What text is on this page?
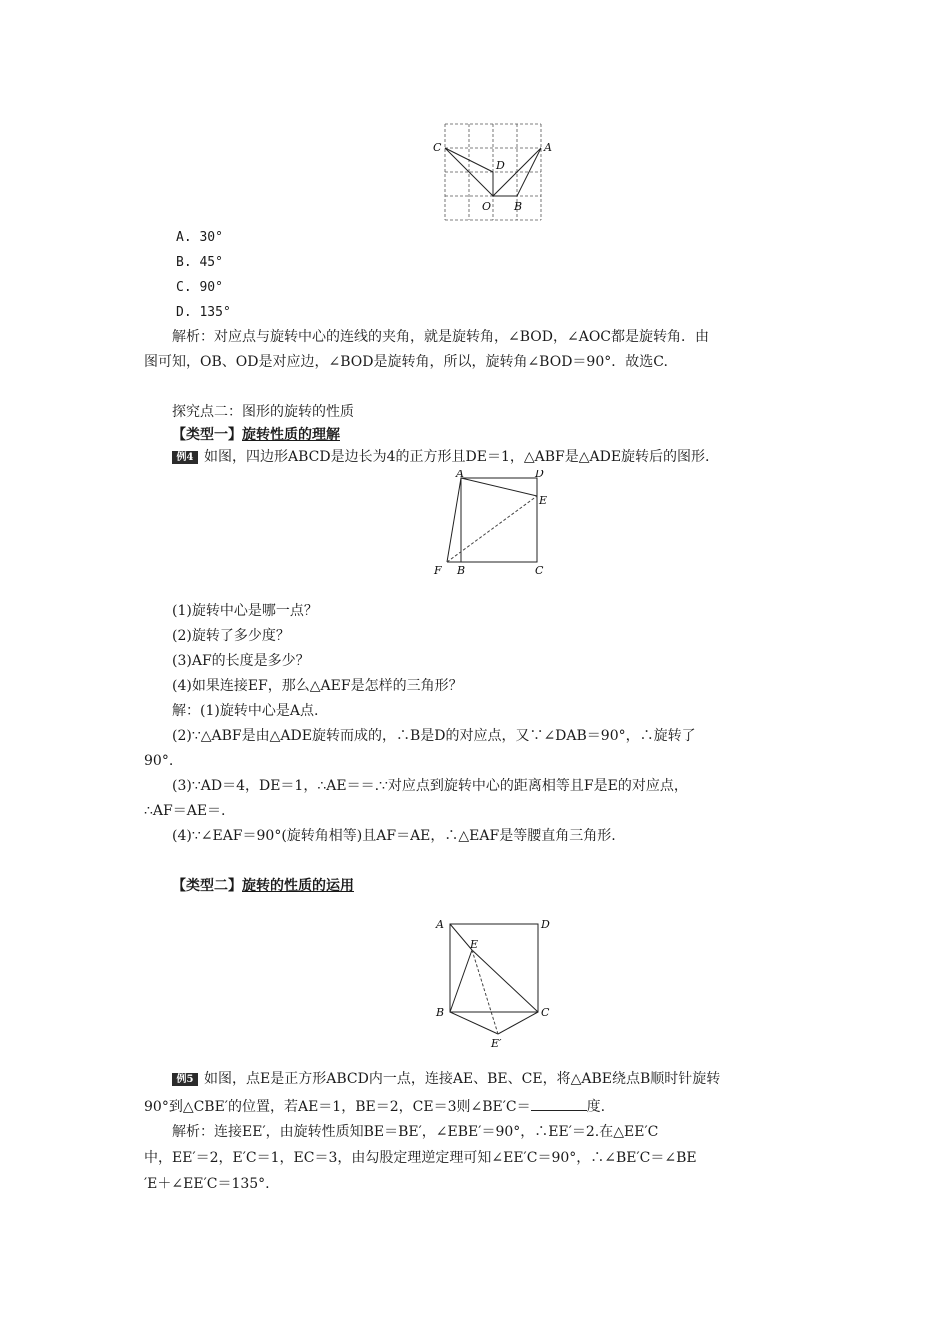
C	A
D
O B
A. 30°
B. 45°
C. 90°
D. 135°
解析：对应点与旋转中心的连线的夹角，就是旋转角，∠BOD，∠AOC都是旋转角．由
图可知，OB、OD是对应边，∠BOD是旋转角，所以，旋转角∠BOD＝90°．故选C.
探究点二：图形的旋转的性质
【类型一】旋转性质的理解
例4 如图，四边形ABCD是边长为4的正方形且DE＝1，△ABF是△ADE旋转后的图形.
A	D
E
F B	C
(1)旋转中心是哪一点？
(2)旋转了多少度？
(3)AF的长度是多少？
(4)如果连接EF，那么△AEF是怎样的三角形？
解：(1)旋转中心是A点.
(2)∵△ABF是由△ADE旋转而成的，∴B是D的对应点，又∵∠DAB＝90°，∴旋转了
90°.
(3)∵AD＝4，DE＝1，∴AE＝＝.∵对应点到旋转中心的距离相等且F是E的对应点，
∴AF＝AE＝.
(4)∵∠EAF＝90°(旋转角相等)且AF＝AE，∴△EAF是等腰直角三角形.
【类型二】旋转的性质的运用
A	D
E
B	C
E′
例5 如图，点E是正方形ABCD内一点，连接AE、BE、CE，将△ABE绕点B顺时针旋转
90°到△CBE′的位置，若AE＝1，BE＝2，CE＝3则∠BE′C＝	度.
解析：连接EE′，由旋转性质知BE＝BE′，∠EBE′＝90°，∴EE′＝2.在△EE′C
中，EE′＝2，E′C＝1，EC＝3，由勾股定理逆定理可知∠EE′C＝90°，∴∠BE′C＝∠BE
′E＋∠EE′C＝135°.
